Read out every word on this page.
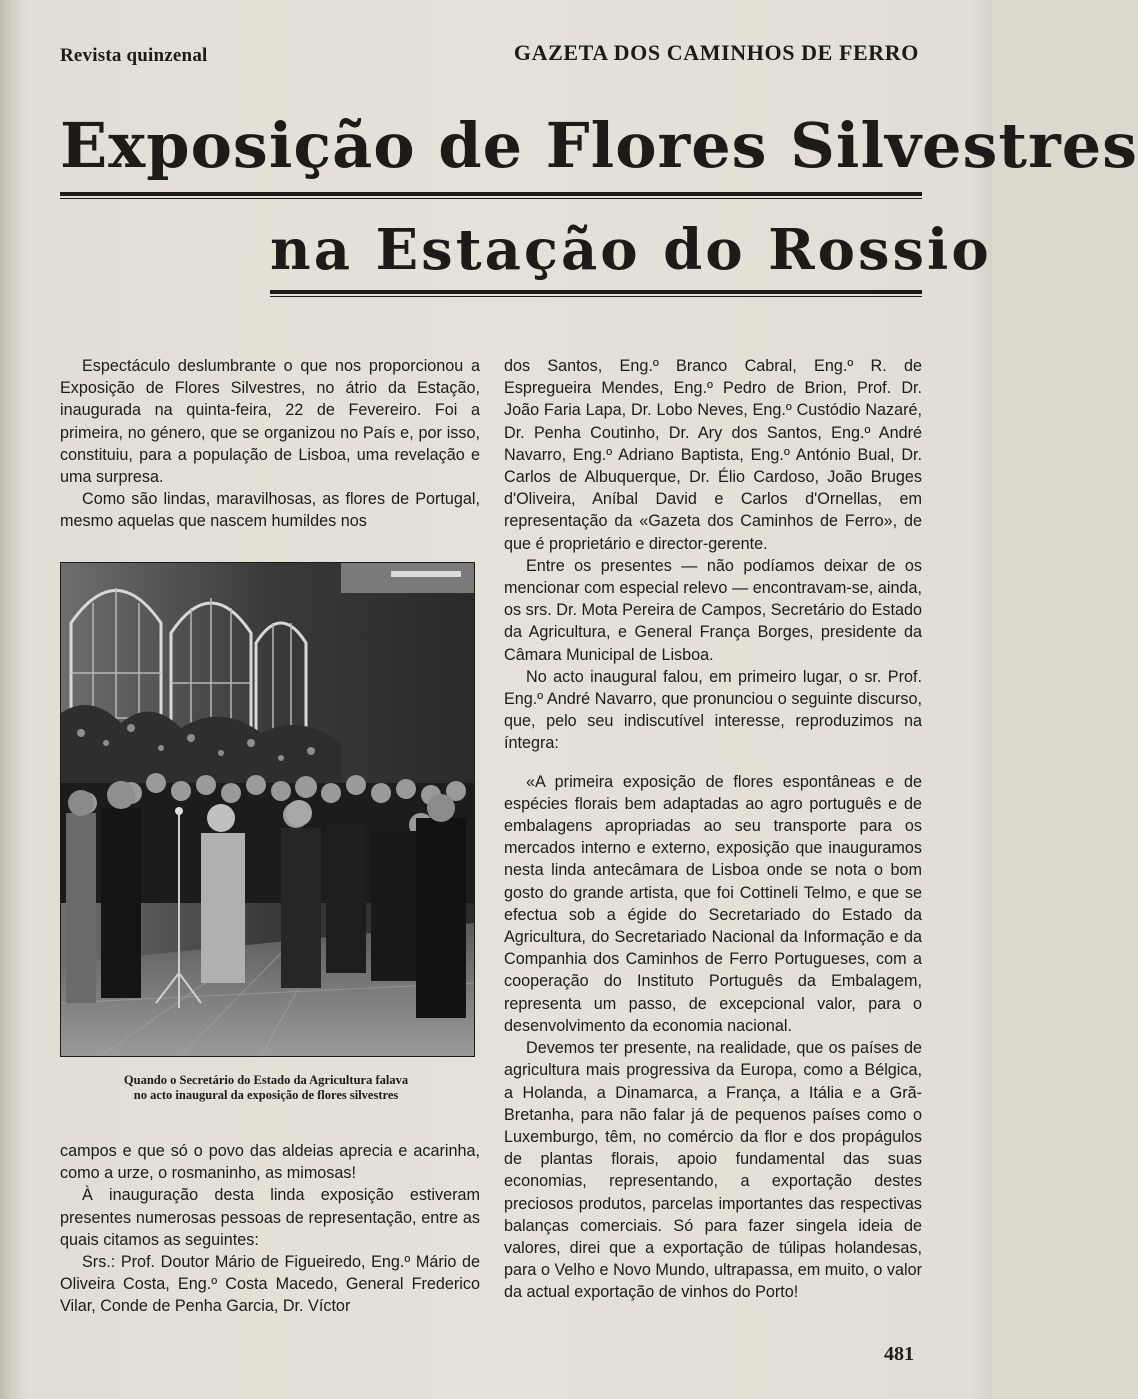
Revista quinzenal	GAZETA DOS CAMINHOS DE FERRO
Exposição de Flores Silvestres
na Estação do Rossio

Espectáculo deslumbrante o que nos proporcionou a Exposição de Flores Silvestres, no átrio da Estação, inaugurada na quinta-feira, 22 de Fevereiro. Foi a primeira, no género, que se organizou no País e, por isso, constituiu, para a população de Lisboa, uma revelação e uma surpresa.

Como são lindas, maravilhosas, as flores de Portugal, mesmo aquelas que nascem humildes nos

Quando o Secretário do Estado da Agricultura falava
no acto inaugural da exposição de flores silvestres

campos e que só o povo das aldeias aprecia e acarinha, como a urze, o rosmaninho, as mimosas!

À inauguração desta linda exposição estiveram presentes numerosas pessoas de representação, entre as quais citamos as seguintes:

Srs.: Prof. Doutor Mário de Figueiredo, Eng.º Mário de Oliveira Costa, Eng.º Costa Macedo, General Frederico Vilar, Conde de Penha Garcia, Dr. Víctor

dos Santos, Eng.º Branco Cabral, Eng.º R. de Espregueira Mendes, Eng.º Pedro de Brion, Prof. Dr. João Faria Lapa, Dr. Lobo Neves, Eng.º Custódio Nazaré, Dr. Penha Coutinho, Dr. Ary dos Santos, Eng.º André Navarro, Eng.º Adriano Baptista, Eng.º António Bual, Dr. Carlos de Albuquerque, Dr. Élio Cardoso, João Bruges d'Oliveira, Aníbal David e Carlos d'Ornellas, em representação da «Gazeta dos Caminhos de Ferro», de que é proprietário e director-gerente.

Entre os presentes — não podíamos deixar de os mencionar com especial relevo — encontravam-se, ainda, os srs. Dr. Mota Pereira de Campos, Secretário do Estado da Agricultura, e General França Borges, presidente da Câmara Municipal de Lisboa.

No acto inaugural falou, em primeiro lugar, o sr. Prof. Eng.º André Navarro, que pronunciou o seguinte discurso, que, pelo seu indiscutível interesse, reproduzimos na íntegra:

«A primeira exposição de flores espontâneas e de espécies florais bem adaptadas ao agro português e de embalagens apropriadas ao seu transporte para os mercados interno e externo, exposição que inauguramos nesta linda antecâmara de Lisboa onde se nota o bom gosto do grande artista, que foi Cottineli Telmo, e que se efectua sob a égide do Secretariado do Estado da Agricultura, do Secretariado Nacional da Informação e da Companhia dos Caminhos de Ferro Portugueses, com a cooperação do Instituto Português da Embalagem, representa um passo, de excepcional valor, para o desenvolvimento da economia nacional.

Devemos ter presente, na realidade, que os países de agricultura mais progressiva da Europa, como a Bélgica, a Holanda, a Dinamarca, a França, a Itália e a Grã-Bretanha, para não falar já de pequenos países como o Luxemburgo, têm, no comércio da flor e dos propágulos de plantas florais, apoio fundamental das suas economias, representando, a exportação destes preciosos produtos, parcelas importantes das respectivas balanças comerciais. Só para fazer singela ideia de valores, direi que a exportação de túlipas holandesas, para o Velho e Novo Mundo, ultrapassa, em muito, o valor da actual exportação de vinhos do Porto!

481
